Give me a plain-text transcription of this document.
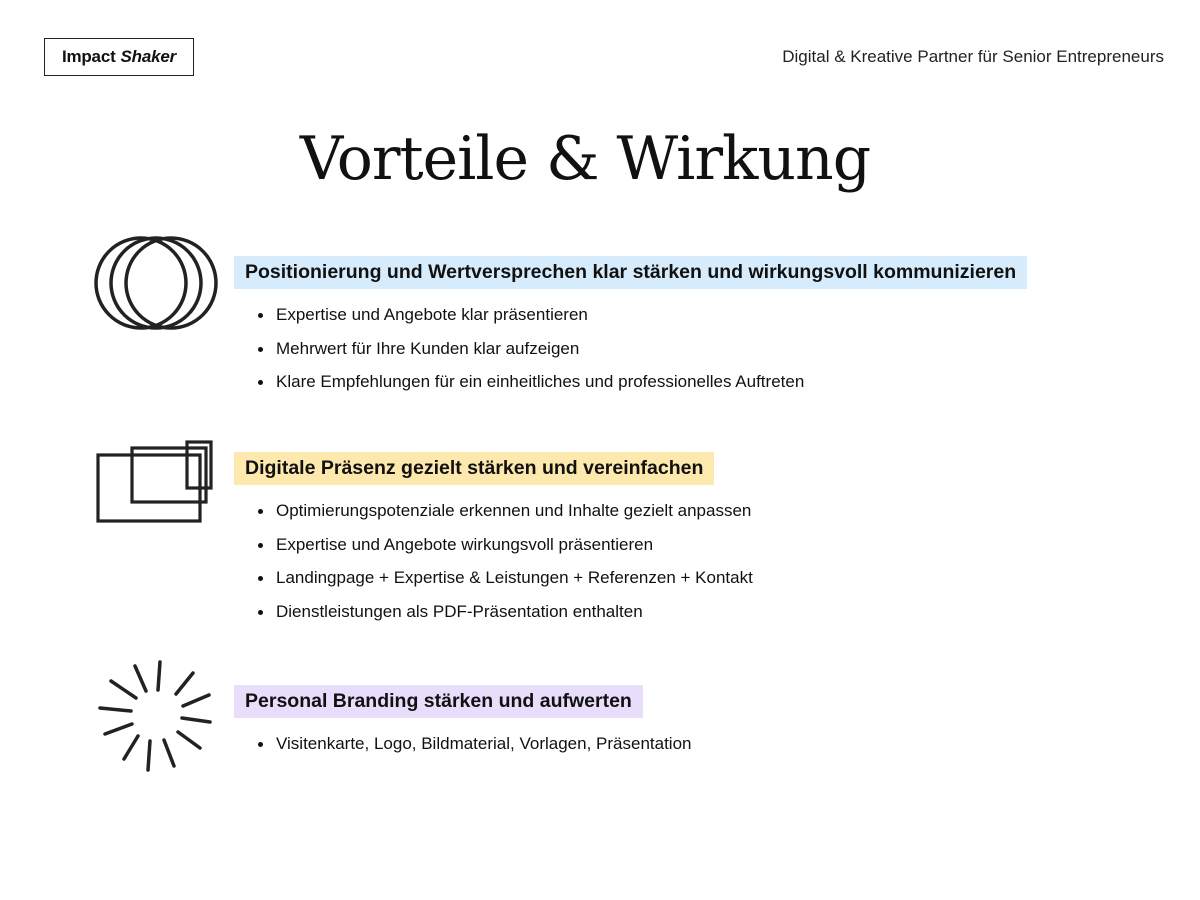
Impact Shaker	Digital & Kreative Partner für Senior Entrepreneurs
Vorteile & Wirkung
Positionierung und Wertversprechen klar stärken und wirkungsvoll kommunizieren
Expertise und Angebote klar präsentieren
Mehrwert für Ihre Kunden klar aufzeigen
Klare Empfehlungen für ein einheitliches und professionelles Auftreten
Digitale Präsenz gezielt stärken und vereinfachen
Optimierungspotenziale erkennen und Inhalte gezielt anpassen
Expertise und Angebote wirkungsvoll präsentieren
Landingpage + Expertise & Leistungen + Referenzen + Kontakt
Dienstleistungen als PDF-Präsentation enthalten
Personal Branding stärken und aufwerten
Visitenkarte, Logo, Bildmaterial, Vorlagen, Präsentation
